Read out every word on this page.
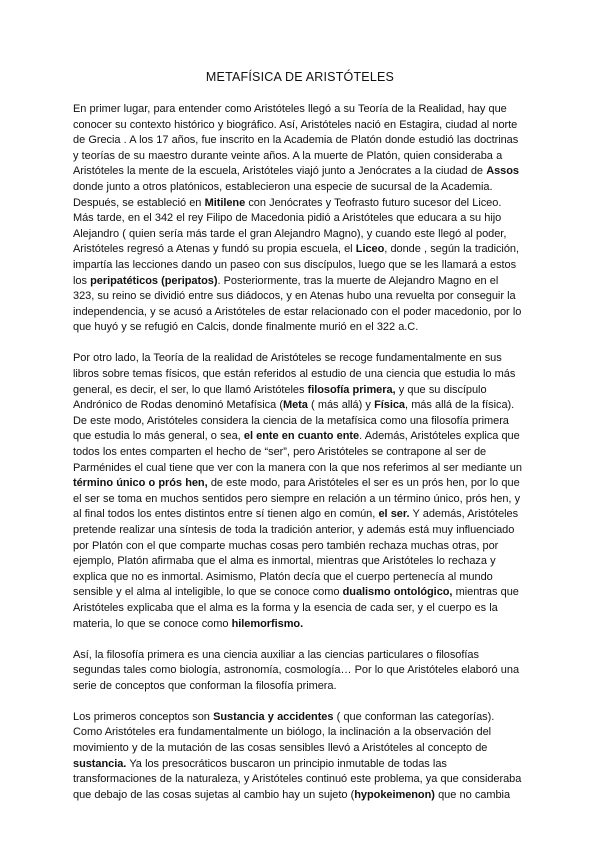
METAFÍSICA DE ARISTÓTELES

En primer lugar, para entender como Aristóteles llegó a su Teoría de la Realidad, hay que
conocer su contexto histórico y biográfico. Así, Aristóteles nació en Estagira, ciudad al norte
de Grecia . A los 17 años, fue inscrito en la Academia de Platón donde estudió las doctrinas
y teorías de su maestro durante veinte años. A la muerte de Platón, quien consideraba a
Aristóteles la mente de la escuela, Aristóteles viajó junto a Jenócrates a la ciudad de Assos
donde junto a otros platónicos, establecieron una especie de sucursal de la Academia.
Después, se estableció en Mitilene con Jenócrates y Teofrasto futuro sucesor del Liceo.
Más tarde, en el 342 el rey Filipo de Macedonia pidió a Aristóteles que educara a su hijo
Alejandro ( quien sería más tarde el gran Alejandro Magno), y cuando este llegó al poder,
Aristóteles regresó a Atenas y fundó su propia escuela, el Liceo, donde , según la tradición,
impartía las lecciones dando un paseo con sus discípulos, luego que se les llamará a estos
los peripatéticos (peripatos). Posteriormente, tras la muerte de Alejandro Magno en el
323, su reino se dividió entre sus diádocos, y en Atenas hubo una revuelta por conseguir la
independencia, y se acusó a Aristóteles de estar relacionado con el poder macedonio, por lo
que huyó y se refugió en Calcis, donde finalmente murió en el 322 a.C.

Por otro lado, la Teoría de la realidad de Aristóteles se recoge fundamentalmente en sus
libros sobre temas físicos, que están referidos al estudio de una ciencia que estudia lo más
general, es decir, el ser, lo que llamó Aristóteles filosofía primera, y que su discípulo
Andrónico de Rodas denominó Metafísica (Meta ( más allá) y Física, más allá de la física).
De este modo, Aristóteles considera la ciencia de la metafísica como una filosofía primera
que estudia lo más general, o sea, el ente en cuanto ente. Además, Aristóteles explica que
todos los entes comparten el hecho de “ser”, pero Aristóteles se contrapone al ser de
Parménides el cual tiene que ver con la manera con la que nos referimos al ser mediante un
término único o prós hen, de este modo, para Aristóteles el ser es un prós hen, por lo que
el ser se toma en muchos sentidos pero siempre en relación a un término único, prós hen, y
al final todos los entes distintos entre sí tienen algo en común, el ser. Y además, Aristóteles
pretende realizar una síntesis de toda la tradición anterior, y además está muy influenciado
por Platón con el que comparte muchas cosas pero también rechaza muchas otras, por
ejemplo, Platón afirmaba que el alma es inmortal, mientras que Aristóteles lo rechaza y
explica que no es inmortal. Asimismo, Platón decía que el cuerpo pertenecía al mundo
sensible y el alma al inteligible, lo que se conoce como dualismo ontológico, mientras que
Aristóteles explicaba que el alma es la forma y la esencia de cada ser, y el cuerpo es la
materia, lo que se conoce como hilemorfismo.

Así, la filosofía primera es una ciencia auxiliar a las ciencias particulares o filosofías
segundas tales como biología, astronomía, cosmología… Por lo que Aristóteles elaboró una
serie de conceptos que conforman la filosofía primera.

Los primeros conceptos son Sustancia y accidentes ( que conforman las categorías).
Como Aristóteles era fundamentalmente un biólogo, la inclinación a la observación del
movimiento y de la mutación de las cosas sensibles llevó a Aristóteles al concepto de
sustancia. Ya los presocráticos buscaron un principio inmutable de todas las
transformaciones de la naturaleza, y Aristóteles continuó este problema, ya que consideraba
que debajo de las cosas sujetas al cambio hay un sujeto (hypokeimenon) que no cambia
